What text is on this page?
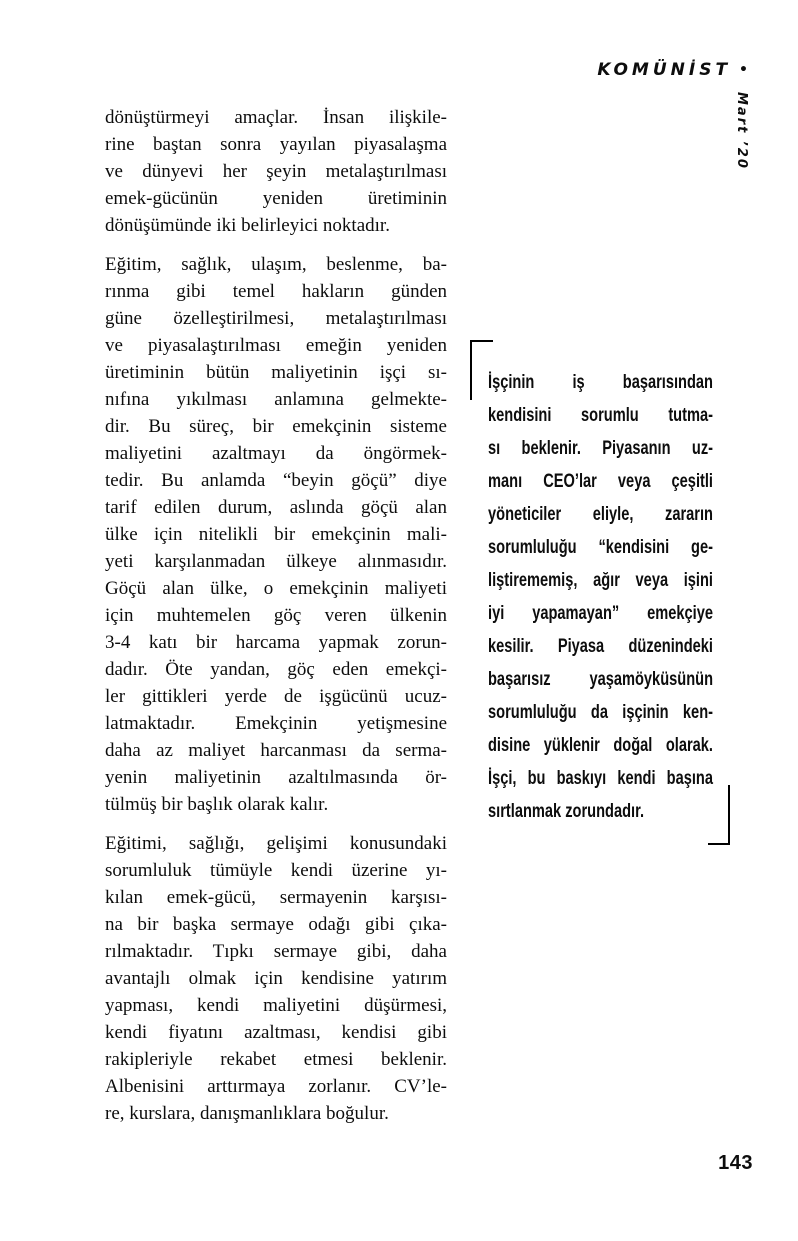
KOMÜNİST •
Mart ’20
dönüştürmeyi amaçlar. İnsan ilişkile-
rine baştan sonra yayılan piyasalaşma
ve dünyevi her şeyin metalaştırılması
emek-gücünün yeniden üretiminin
dönüşümünde iki belirleyici noktadır.
Eğitim, sağlık, ulaşım, beslenme, ba-
rınma gibi temel hakların günden
güne özelleştirilmesi, metalaştırılması
ve piyasalaştırılması emeğin yeniden
üretiminin bütün maliyetinin işçi sı-
nıfına yıkılması anlamına gelmekte-
dir. Bu süreç, bir emekçinin sisteme
maliyetini azaltmayı da öngörmek-
tedir. Bu anlamda “beyin göçü” diye
tarif edilen durum, aslında göçü alan
ülke için nitelikli bir emekçinin mali-
yeti karşılanmadan ülkeye alınmasıdır.
Göçü alan ülke, o emekçinin maliyeti
için muhtemelen göç veren ülkenin
3-4 katı bir harcama yapmak zorun-
dadır. Öte yandan, göç eden emekçi-
ler gittikleri yerde de işgücünü ucuz-
latmaktadır. Emekçinin yetişmesine
daha az maliyet harcanması da serma-
yenin maliyetinin azaltılmasında ör-
tülmüş bir başlık olarak kalır.
Eğitimi, sağlığı, gelişimi konusundaki
sorumluluk tümüyle kendi üzerine yı-
kılan emek-gücü, sermayenin karşısı-
na bir başka sermaye odağı gibi çıka-
rılmaktadır. Tıpkı sermaye gibi, daha
avantajlı olmak için kendisine yatırım
yapması, kendi maliyetini düşürmesi,
kendi fiyatını azaltması, kendisi gibi
rakipleriyle rekabet etmesi beklenir.
Albenisini arttırmaya zorlanır. CV’le-
re, kurslara, danışmanlıklara boğulur.
İşçinin iş başarısından
kendisini sorumlu tutma-
sı beklenir. Piyasanın uz-
manı CEO’lar veya çeşitli
yöneticiler eliyle, zararın
sorumluluğu “kendisini ge-
liştirememiş, ağır veya işini
iyi yapamayan” emekçiye
kesilir. Piyasa düzenindeki
başarısız yaşamöyküsünün
sorumluluğu da işçinin ken-
disine yüklenir doğal olarak.
İşçi, bu baskıyı kendi başına
sırtlanmak zorundadır.
143
